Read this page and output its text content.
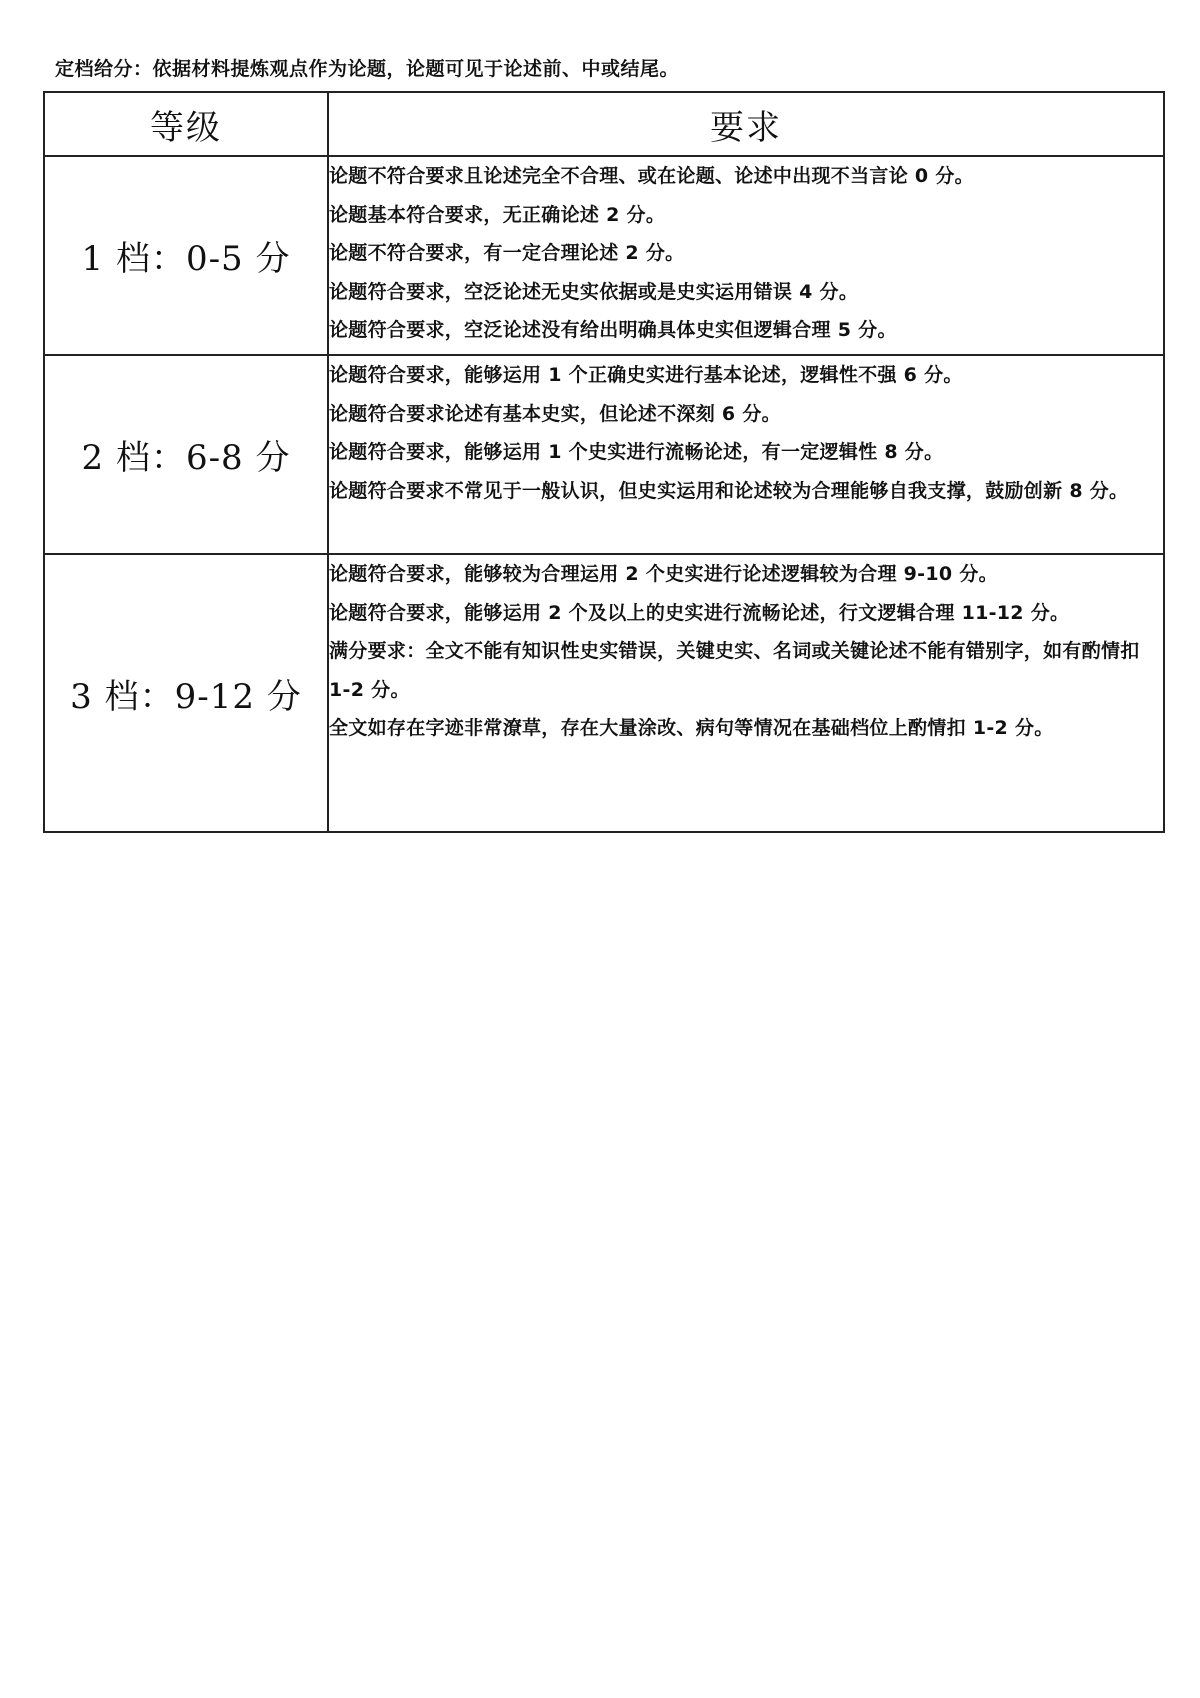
定档给分：依据材料提炼观点作为论题，论题可见于论述前、中或结尾。
等级	要求
1 档：0-5 分	论题不符合要求且论述完全不合理、或在论题、论述中出现不当言论 0 分。
论题基本符合要求，无正确论述 2 分。
论题不符合要求，有一定合理论述 2 分。
论题符合要求，空泛论述无史实依据或是史实运用错误 4 分。
论题符合要求，空泛论述没有给出明确具体史实但逻辑合理 5 分。

2 档：6-8 分	论题符合要求，能够运用 1 个正确史实进行基本论述，逻辑性不强 6 分。
论题符合要求论述有基本史实，但论述不深刻 6 分。
论题符合要求，能够运用 1 个史实进行流畅论述，有一定逻辑性 8 分。
论题符合要求不常见于一般认识，但史实运用和论述较为合理能够自我支撑，鼓励创新 8 分。

3 档：9-12 分	论题符合要求，能够较为合理运用 2 个史实进行论述逻辑较为合理 9-10 分。
论题符合要求，能够运用 2 个及以上的史实进行流畅论述，行文逻辑合理 11-12 分。
满分要求：全文不能有知识性史实错误，关键史实、名词或关键论述不能有错别字，如有酌情扣 1-2 分。
全文如存在字迹非常潦草，存在大量涂改、病句等情况在基础档位上酌情扣 1-2 分。
